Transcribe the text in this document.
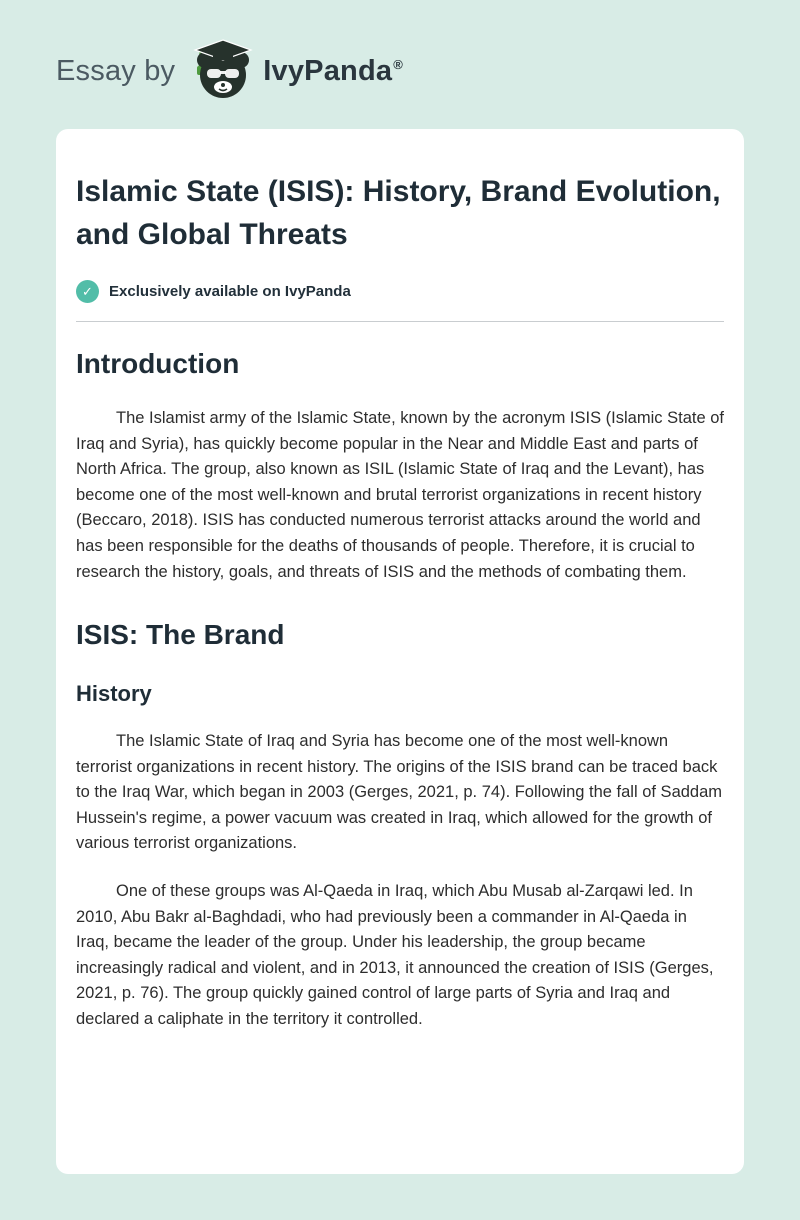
Essay by	IvyPanda®
Islamic State (ISIS): History, Brand Evolution, and Global Threats
✓	Exclusively available on IvyPanda
Introduction

The Islamist army of the Islamic State, known by the acronym ISIS (Islamic State of Iraq and Syria), has quickly become popular in the Near and Middle East and parts of North Africa. The group, also known as ISIL (Islamic State of Iraq and the Levant), has become one of the most well-known and brutal terrorist organizations in recent history (Beccaro, 2018). ISIS has conducted numerous terrorist attacks around the world and has been responsible for the deaths of thousands of people. Therefore, it is crucial to research the history, goals, and threats of ISIS and the methods of combating them.

ISIS: The Brand
History

The Islamic State of Iraq and Syria has become one of the most well-known terrorist organizations in recent history. The origins of the ISIS brand can be traced back to the Iraq War, which began in 2003 (Gerges, 2021, p. 74). Following the fall of Saddam Hussein's regime, a power vacuum was created in Iraq, which allowed for the growth of various terrorist organizations.

One of these groups was Al-Qaeda in Iraq, which Abu Musab al-Zarqawi led. In 2010, Abu Bakr al-Baghdadi, who had previously been a commander in Al-Qaeda in Iraq, became the leader of the group. Under his leadership, the group became increasingly radical and violent, and in 2013, it announced the creation of ISIS (Gerges, 2021, p. 76). The group quickly gained control of large parts of Syria and Iraq and declared a caliphate in the territory it controlled.
